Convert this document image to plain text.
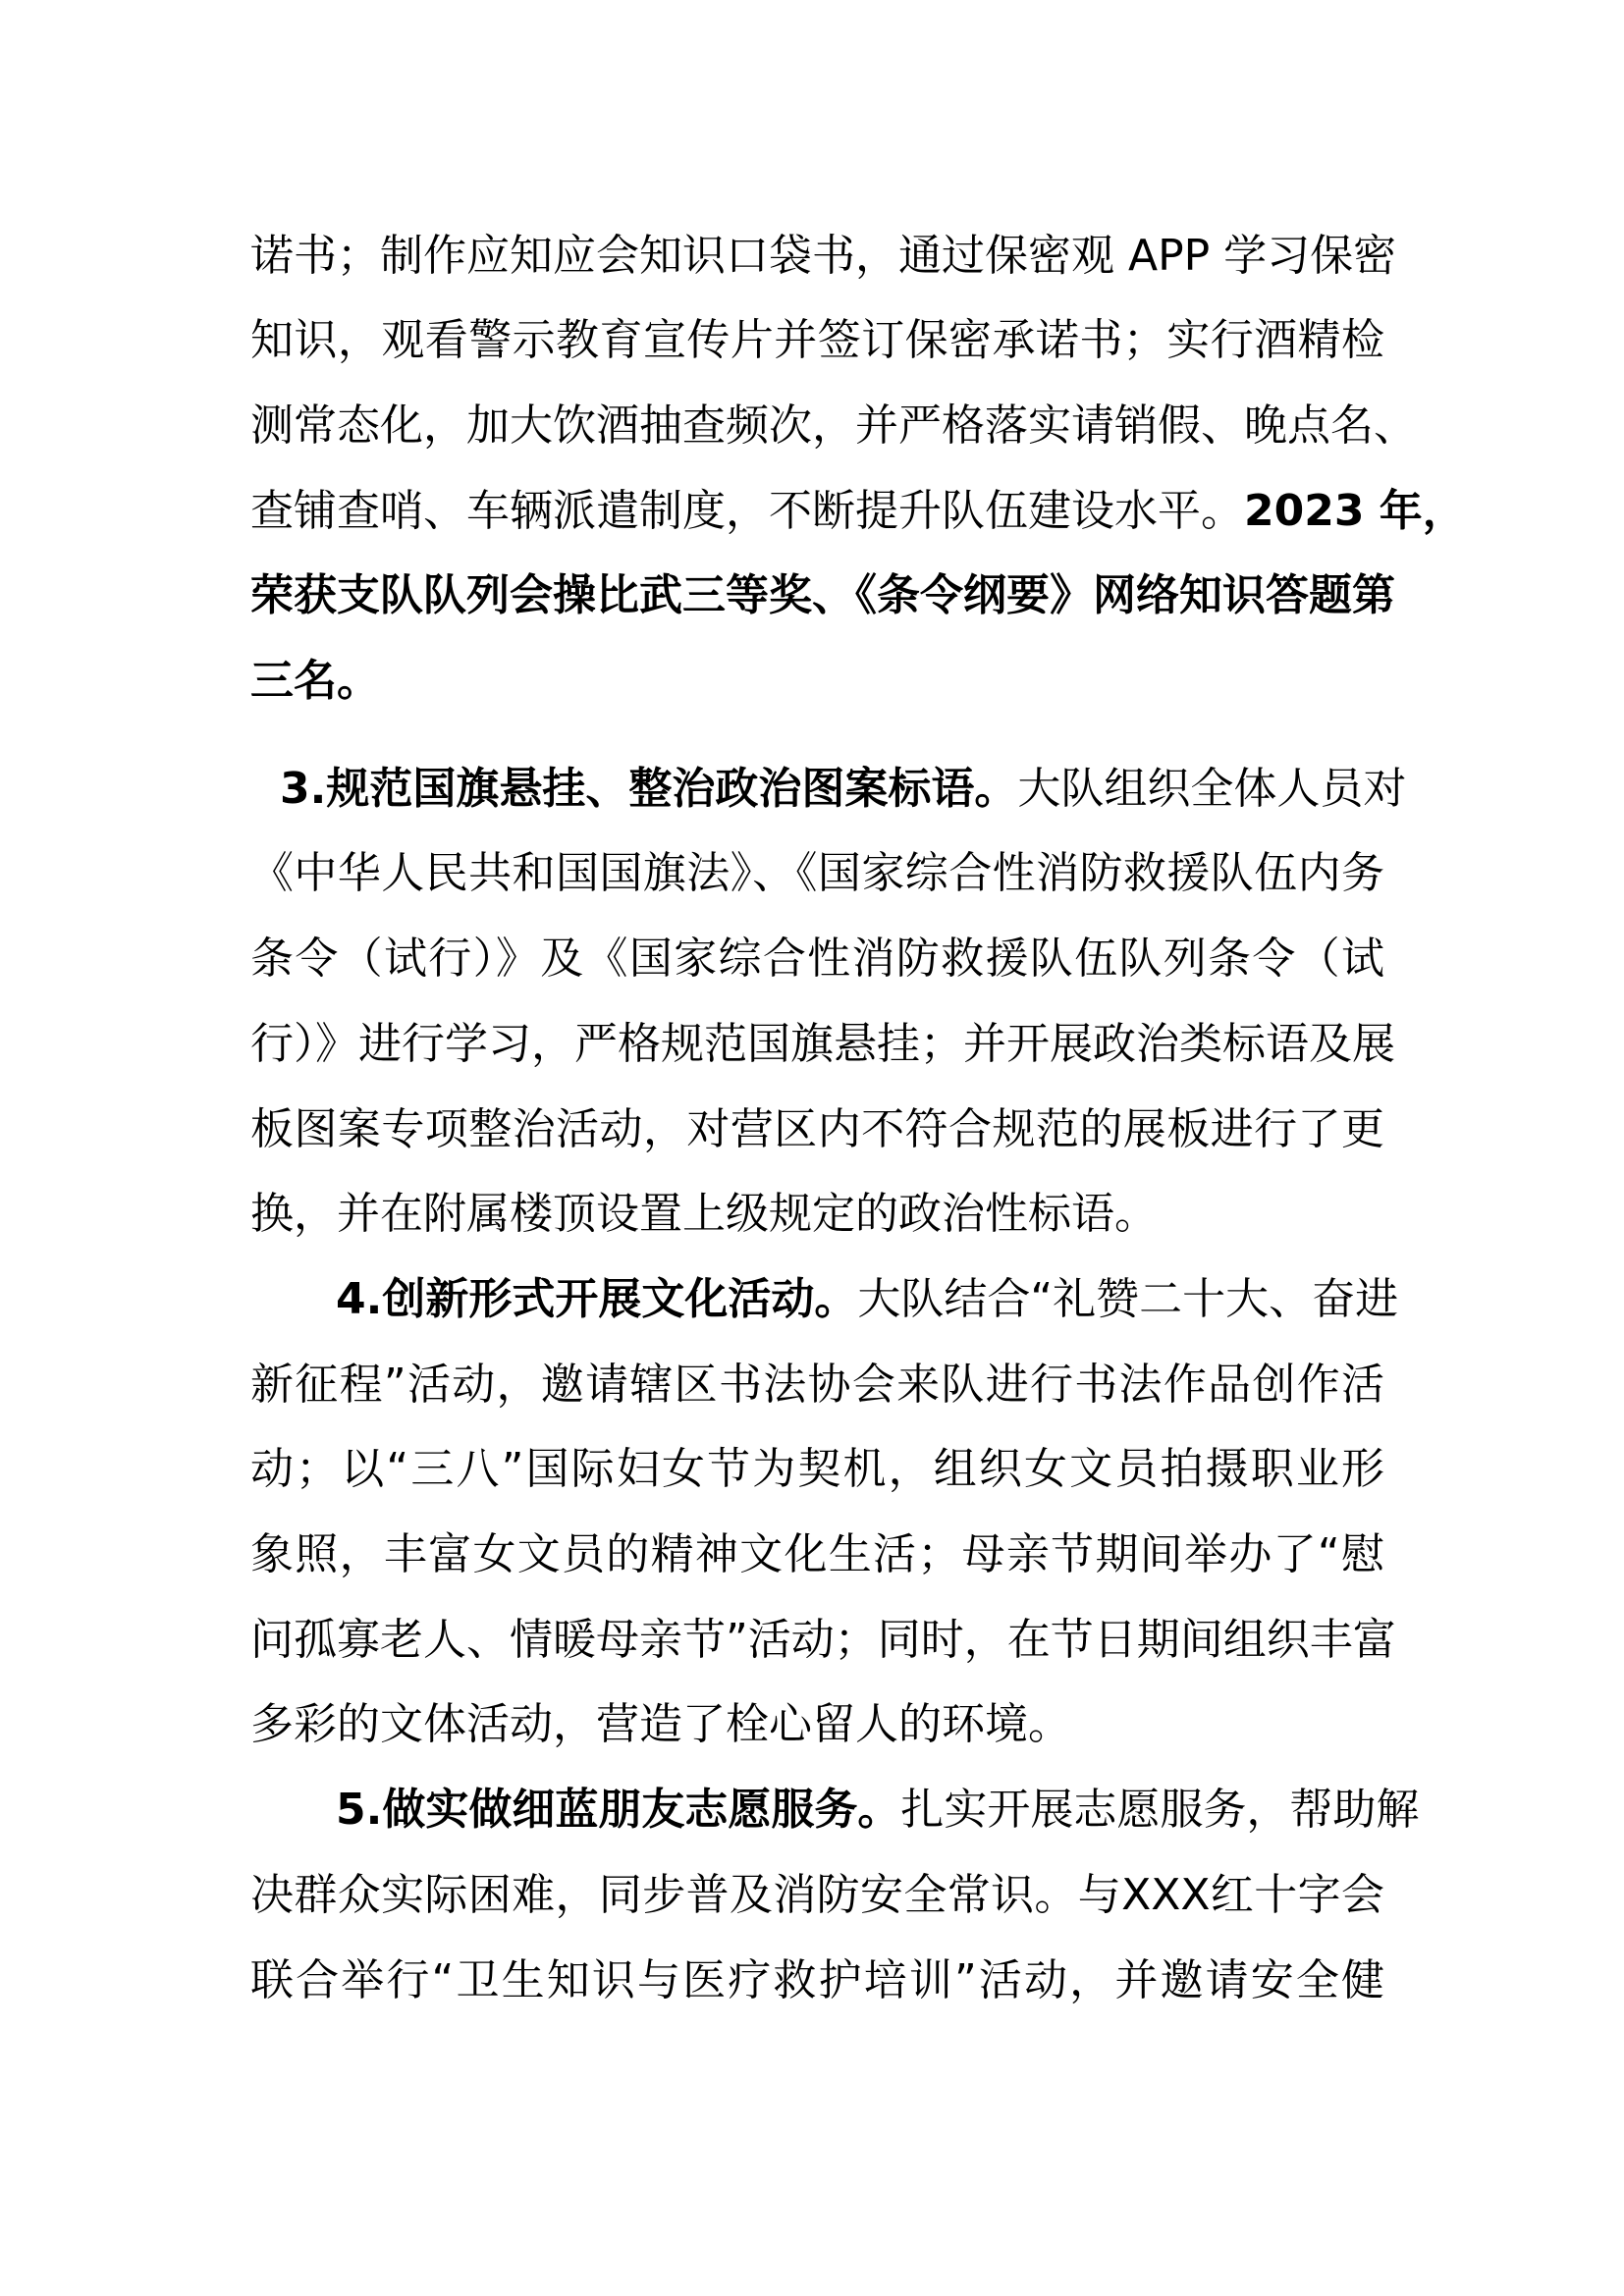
诺书；制作应知应会知识口袋书，通过保密观 APP 学习保密
知识，观看警示教育宣传片并签订保密承诺书；实行酒精检
测常态化，加大饮酒抽查频次，并严格落实请销假、晚点名、
查铺查哨、车辆派遣制度，不断提升队伍建设水平。2023 年，
荣获支队队列会操比武三等奖、《条令纲要》网络知识答题第
三名。
3.规范国旗悬挂、整治政治图案标语。大队组织全体人员对
《中华人民共和国国旗法》、《国家综合性消防救援队伍内务
条令（试行）》及《国家综合性消防救援队伍队列条令（试
行）》进行学习，严格规范国旗悬挂；并开展政治类标语及展
板图案专项整治活动，对营区内不符合规范的展板进行了更
换，并在附属楼顶设置上级规定的政治性标语。
4.创新形式开展文化活动。大队结合“礼赞二十大、奋进
新征程”活动，邀请辖区书法协会来队进行书法作品创作活
动；以“三八”国际妇女节为契机，组织女文员拍摄职业形
象照，丰富女文员的精神文化生活；母亲节期间举办了“慰
问孤寡老人、情暖母亲节”活动；同时，在节日期间组织丰富
多彩的文体活动，营造了栓心留人的环境。
5.做实做细蓝朋友志愿服务。扎实开展志愿服务，帮助解
决群众实际困难，同步普及消防安全常识。与XXX红十字会
联合举行“卫生知识与医疗救护培训”活动，并邀请安全健
